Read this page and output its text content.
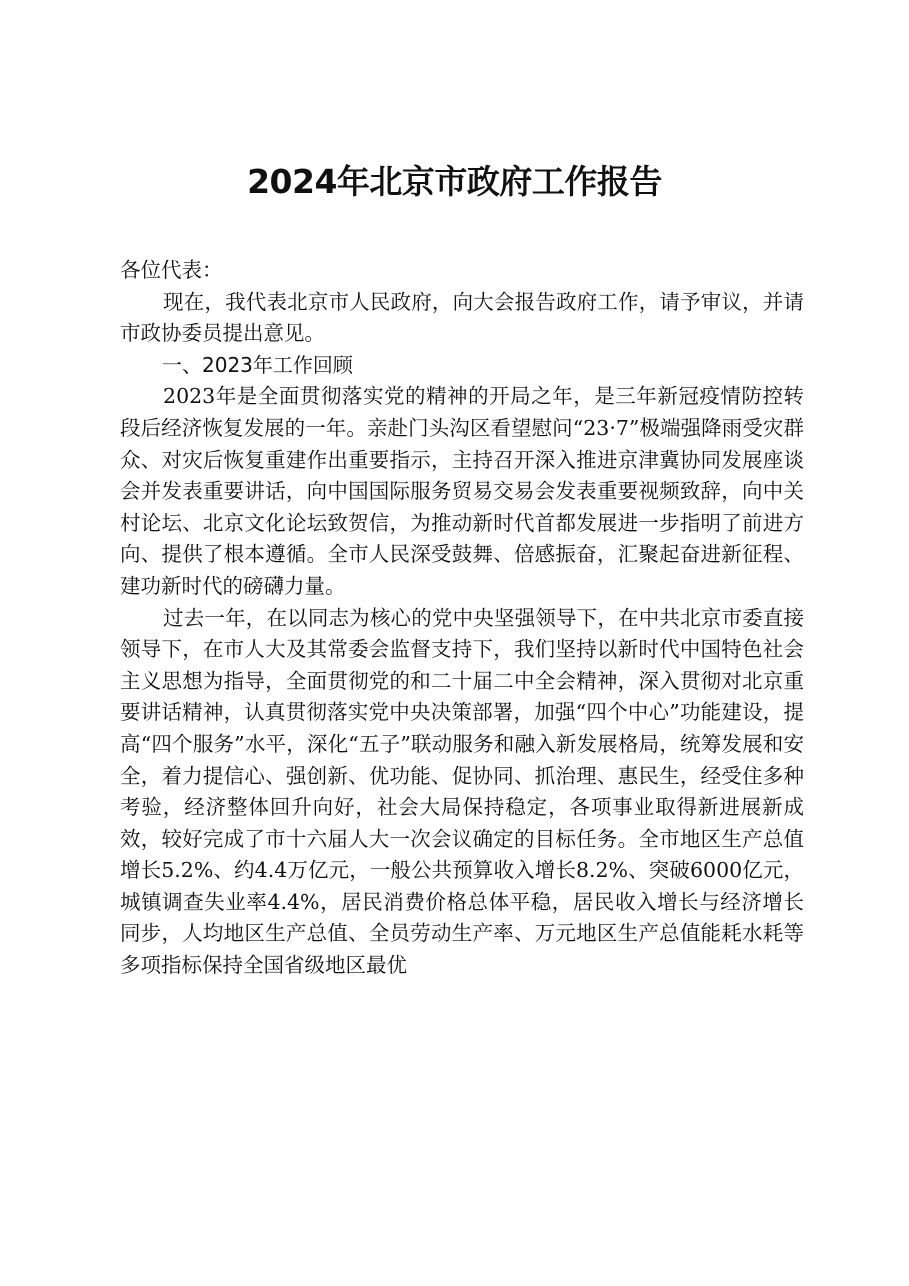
2024年北京市政府工作报告

各位代表：

现在，我代表北京市人民政府，向大会报告政府工作，请予审议，并请市政协委员提出意见。

一、2023年工作回顾

2023年是全面贯彻落实党的精神的开局之年，是三年新冠疫情防控转段后经济恢复发展的一年。亲赴门头沟区看望慰问“23·7”极端强降雨受灾群众、对灾后恢复重建作出重要指示，主持召开深入推进京津冀协同发展座谈会并发表重要讲话，向中国国际服务贸易交易会发表重要视频致辞，向中关村论坛、北京文化论坛致贺信，为推动新时代首都发展进一步指明了前进方向、提供了根本遵循。全市人民深受鼓舞、倍感振奋，汇聚起奋进新征程、建功新时代的磅礴力量。

过去一年，在以同志为核心的党中央坚强领导下，在中共北京市委直接领导下，在市人大及其常委会监督支持下，我们坚持以新时代中国特色社会主义思想为指导，全面贯彻党的和二十届二中全会精神，深入贯彻对北京重要讲话精神，认真贯彻落实党中央决策部署，加强“四个中心”功能建设，提高“四个服务”水平，深化“五子”联动服务和融入新发展格局，统筹发展和安全，着力提信心、强创新、优功能、促协同、抓治理、惠民生，经受住多种考验，经济整体回升向好，社会大局保持稳定，各项事业取得新进展新成效，较好完成了市十六届人大一次会议确定的目标任务。全市地区生产总值增长5.2%、约4.4万亿元，一般公共预算收入增长8.2%、突破6000亿元，城镇调查失业率4.4%，居民消费价格总体平稳，居民收入增长与经济增长同步，人均地区生产总值、全员劳动生产率、万元地区生产总值能耗水耗等多项指标保持全国省级地区最优
